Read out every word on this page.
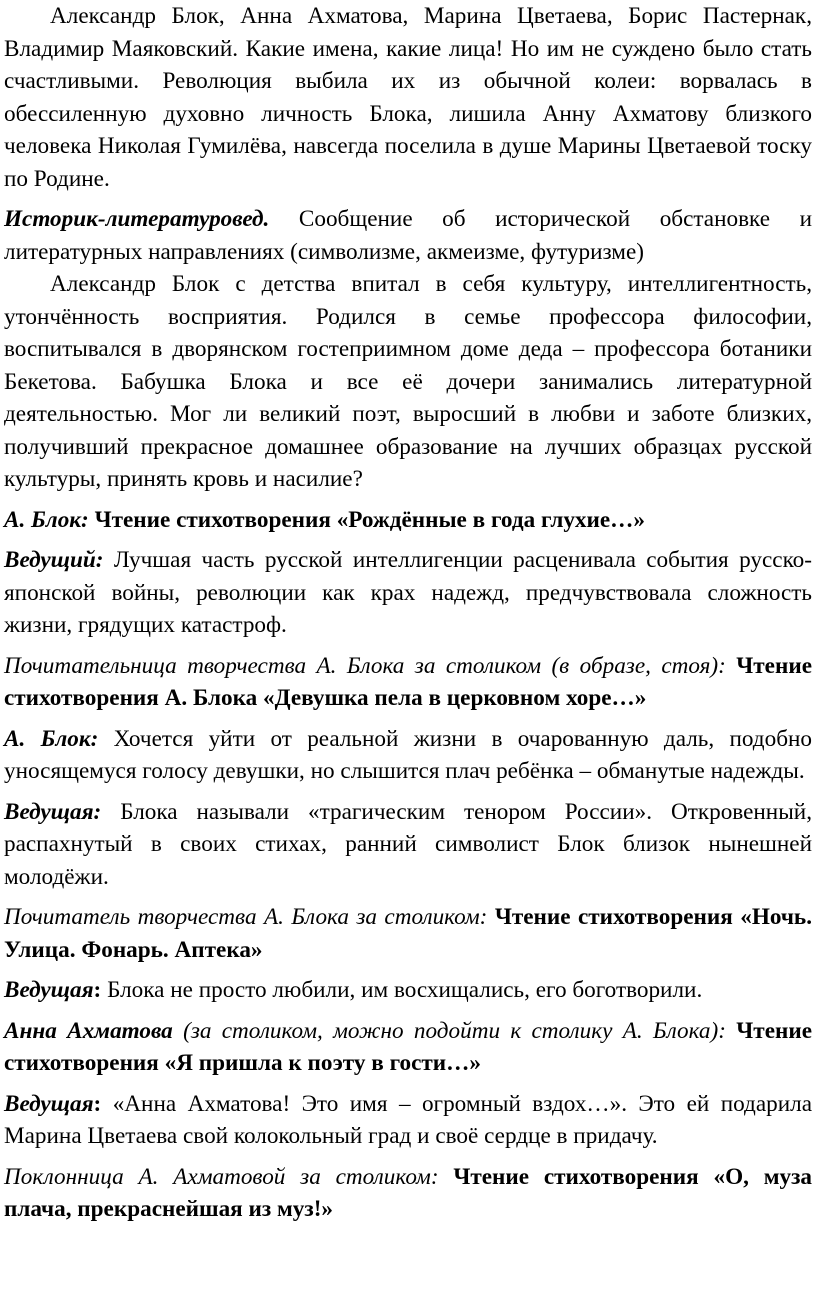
Александр Блок, Анна Ахматова, Марина Цветаева, Борис Пастернак, Владимир Маяковский. Какие имена, какие лица! Но им не суждено было стать счастливыми. Революция выбила их из обычной колеи: ворвалась в обессиленную духовно личность Блока, лишила Анну Ахматову близкого человека Николая Гумилёва, навсегда поселила в душе Марины Цветаевой тоску по Родине.

Историк-литературовед. Сообщение об исторической обстановке и литературных направлениях (символизме, акмеизме, футуризме)

Александр Блок с детства впитал в себя культуру, интеллигентность, утончённость восприятия. Родился в семье профессора философии, воспитывался в дворянском гостеприимном доме деда – профессора ботаники Бекетова. Бабушка Блока и все её дочери занимались литературной деятельностью. Мог ли великий поэт, выросший в любви и заботе близких, получивший прекрасное домашнее образование на лучших образцах русской культуры, принять кровь и насилие?

А. Блок: Чтение стихотворения «Рождённые в года глухие…»

Ведущий: Лучшая часть русской интеллигенции расценивала события русско-японской войны, революции как крах надежд, предчувствовала сложность жизни, грядущих катастроф.

Почитательница творчества А. Блока за столиком (в образе, стоя): Чтение стихотворения А. Блока «Девушка пела в церковном хоре…»

А. Блок: Хочется уйти от реальной жизни в очарованную даль, подобно уносящемуся голосу девушки, но слышится плач ребёнка – обманутые надежды.

Ведущая: Блока называли «трагическим тенором России». Откровенный, распахнутый в своих стихах, ранний символист Блок близок нынешней молодёжи.

Почитатель творчества А. Блока за столиком: Чтение стихотворения «Ночь. Улица. Фонарь. Аптека»

Ведущая: Блока не просто любили, им восхищались, его боготворили.

Анна Ахматова (за столиком, можно подойти к столику А. Блока): Чтение стихотворения «Я пришла к поэту в гости…»

Ведущая: «Анна Ахматова! Это имя – огромный вздох…». Это ей подарила Марина Цветаева свой колокольный град и своё сердце в придачу.

Поклонница А. Ахматовой за столиком: Чтение стихотворения «О, муза плача, прекраснейшая из муз!»
